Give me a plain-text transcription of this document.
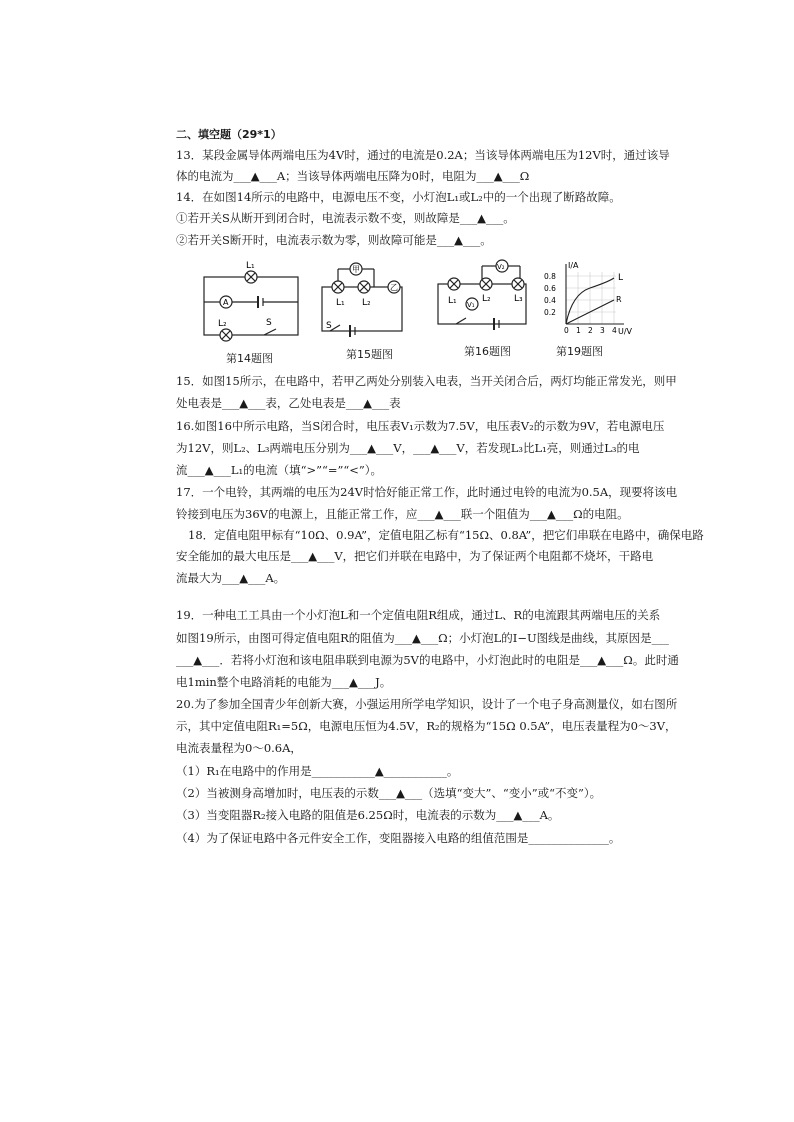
二、填空题（29*1）
13．某段金属导体两端电压为4V时，通过的电流是0.2A；当该导体两端电压为12V时，通过该导
体的电流为___▲___A；当该导体两端电压降为0时，电阻为___▲___Ω
14．在如图14所示的电路中，电源电压不变，小灯泡L₁或L₂中的一个出现了断路故障。
①若开关S从断开到闭合时，电流表示数不变，则故障是___▲___。
②若开关S断开时，电流表示数为零，则故障可能是___▲___。
L₁
A
L₂	S
第14题图
甲
L₁ L₂
乙
S
第15题图
L₁ V₁
L₂
V₂
L₃
第16题图
I/A
U/V
L
R
0.8
0.6
0.4
0.2
0 1 2 3 4
第19题图
15．如图15所示，在电路中，若甲乙两处分别装入电表，当开关闭合后，两灯均能正常发光，则甲
处电表是___▲___表，乙处电表是___▲___表
16.如图16中所示电路，当S闭合时，电压表V₁示数为7.5V，电压表V₂的示数为9V，若电源电压
为12V，则L₂、L₃两端电压分别为___▲___V，___▲___V，若发现L₃比L₁亮，则通过L₃的电
流___▲___L₁的电流（填“>”“=”“<”）。
17．一个电铃，其两端的电压为24V时恰好能正常工作，此时通过电铃的电流为0.5A，现要将该电
铃接到电压为36V的电源上，且能正常工作，应___▲___联一个阻值为___▲___Ω的电阻。
18．定值电阻甲标有“10Ω、0.9A”，定值电阻乙标有“15Ω、0.8A”，把它们串联在电路中，确保电路
安全能加的最大电压是___▲___V，把它们并联在电路中，为了保证两个电阻都不烧坏，干路电
流最大为___▲___A。
19．一种电工工具由一个小灯泡L和一个定值电阻R组成，通过L、R的电流跟其两端电压的关系
如图19所示，由图可得定值电阻R的阻值为___▲___Ω；小灯泡L的I−U图线是曲线，其原因是___
___▲___．若将小灯泡和该电阻串联到电源为5V的电路中，小灯泡此时的电阻是___▲___Ω。此时通
电1min整个电路消耗的电能为___▲___J。
20.为了参加全国青少年创新大赛，小强运用所学电学知识，设计了一个电子身高测量仪，如右图所
示，其中定值电阻R₁=5Ω，电源电压恒为4.5V，R₂的规格为“15Ω 0.5A”，电压表量程为0～3V，
电流表量程为0～0.6A，
（1）R₁在电路中的作用是___________▲___________。
（2）当被测身高增加时，电压表的示数___▲___（选填“变大”、“变小”或“不变”）。
（3）当变阻器R₂接入电路的阻值是6.25Ω时，电流表的示数为___▲___A。
（4）为了保证电路中各元件安全工作，变阻器接入电路的组值范围是______________。
